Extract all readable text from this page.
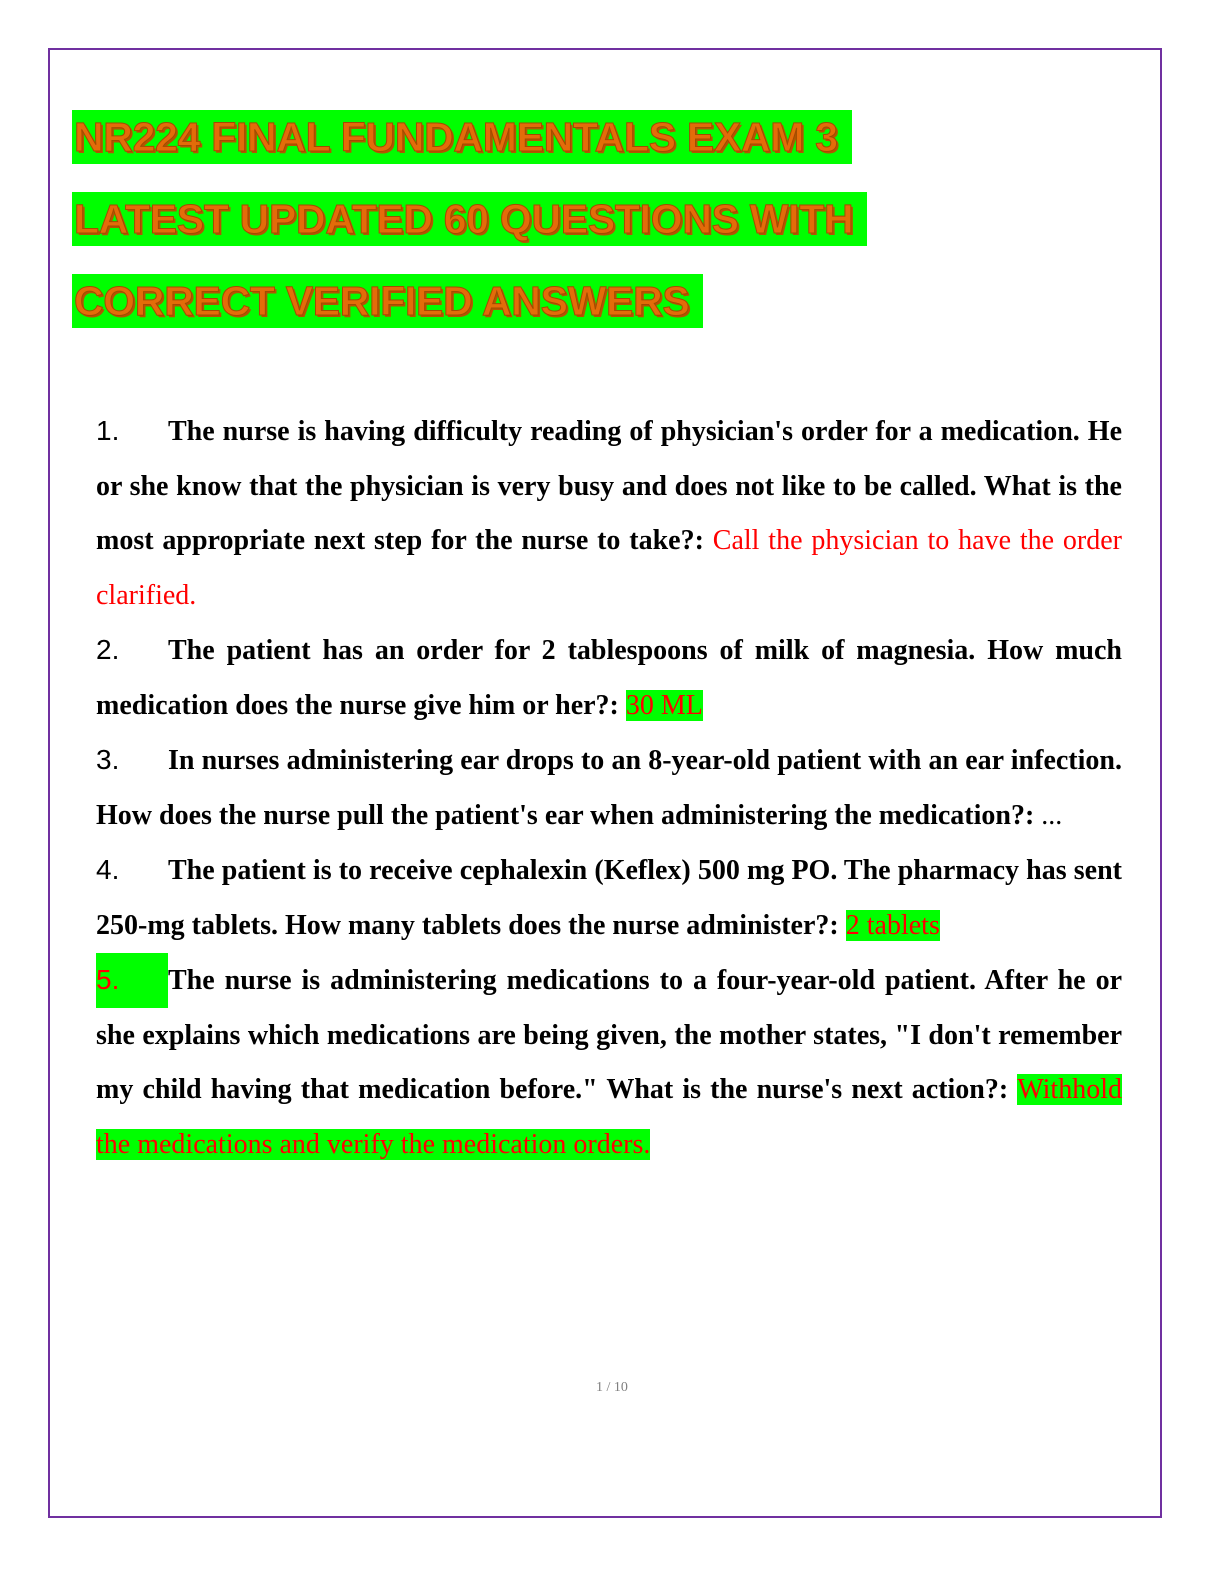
NR224 FINAL FUNDAMENTALS EXAM 3
LATEST UPDATED 60 QUESTIONS WITH
CORRECT VERIFIED ANSWERS

1. The nurse is having difficulty reading of physician's order for a medication. He or she know that the physician is very busy and does not like to be called. What is the most appropriate next step for the nurse to take?: Call the physician to have the order clarified.

2. The patient has an order for 2 tablespoons of milk of magnesia. How much medication does the nurse give him or her?: 30 ML

3. In nurses administering ear drops to an 8-year-old patient with an ear infection. How does the nurse pull the patient's ear when administering the medication?: ...

4. The patient is to receive cephalexin (Keflex) 500 mg PO. The pharmacy has sent 250-mg tablets. How many tablets does the nurse administer?: 2 tablets

5. The nurse is administering medications to a four-year-old patient. After he or she explains which medications are being given, the mother states, "I don't remember my child having that medication before." What is the nurse's next action?: Withhold the medications and verify the medication orders.

1 / 10
